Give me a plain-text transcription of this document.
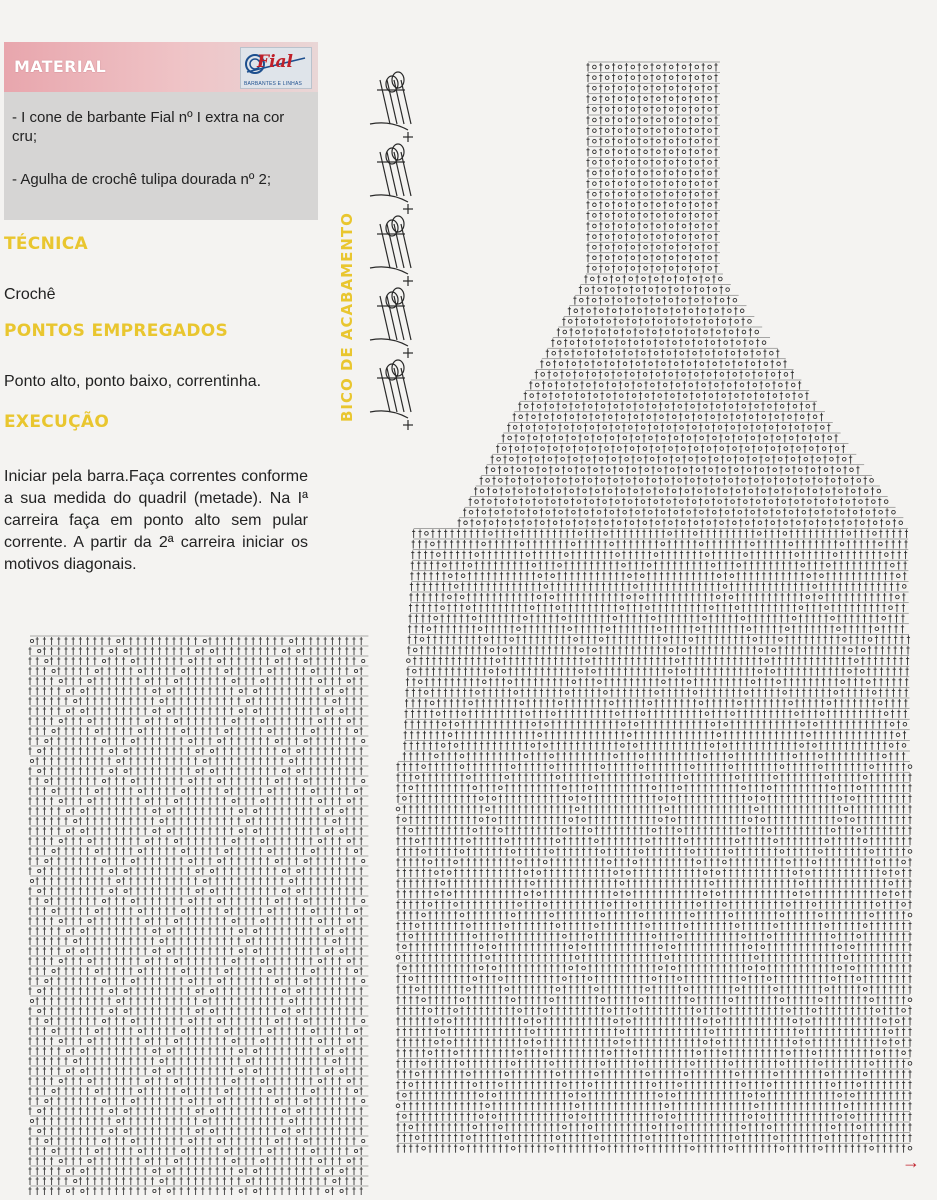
MATERIAL	Fial
BARBANTES E LINHAS
- I cone de barbante Fial nº I extra na cor cru;
- Agulha de crochê tulipa dourada nº 2;
TÉCNICA
Crochê
PONTOS EMPREGADOS
Ponto alto, ponto baixo, correntinha.
EXECUÇÃO
Iniciar pela barra.Faça correntes conforme a sua medida do quadril (metade). Na Iª carreira faça em ponto alto sem pular corrente. A partir da 2ª carreira iniciar os motivos diagonais.
BICO DE ACABAMENTO
→
